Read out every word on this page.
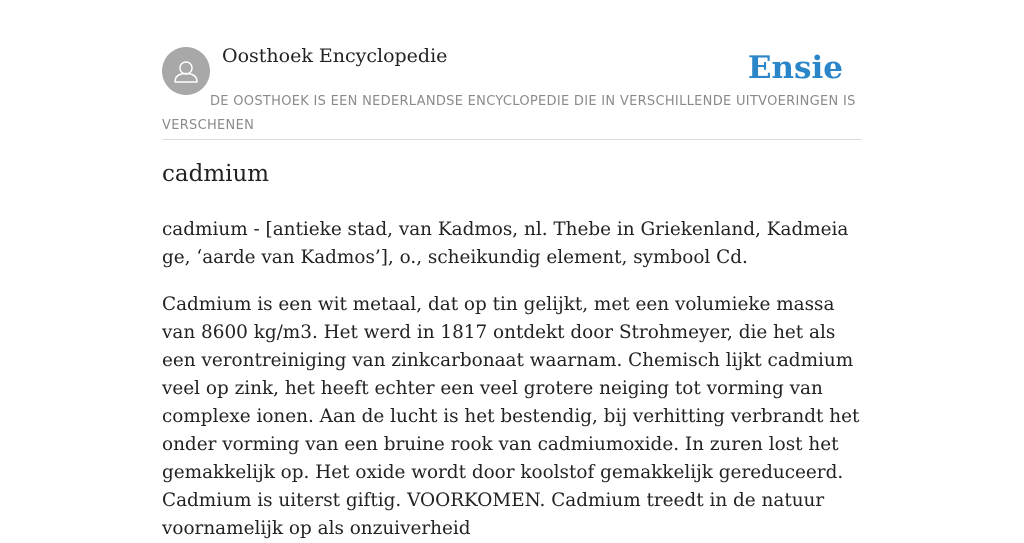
Oosthoek Encyclopedie	Ensie
DE OOSTHOEK IS EEN NEDERLANDSE ENCYCLOPEDIE DIE IN VERSCHILLENDE UITVOERINGEN IS VERSCHENEN
cadmium

cadmium - [antieke stad, van Kadmos, nl. Thebe in Griekenland, Kadmeia ge, ‘aarde van Kadmos’], o., scheikundig element, symbool Cd.

Cadmium is een wit metaal, dat op tin gelijkt, met een volumieke massa van 8600 kg/m3. Het werd in 1817 ontdekt door Strohmeyer, die het als een verontreiniging van zinkcarbonaat waarnam. Chemisch lijkt cadmium veel op zink, het heeft echter een veel grotere neiging tot vorming van complexe ionen. Aan de lucht is het bestendig, bij verhitting verbrandt het onder vorming van een bruine rook van cadmiumoxide. In zuren lost het gemakkelijk op. Het oxide wordt door koolstof gemakkelijk gereduceerd. Cadmium is uiterst giftig. VOORKOMEN. Cadmium treedt in de natuur voornamelijk op als onzuiverheid
